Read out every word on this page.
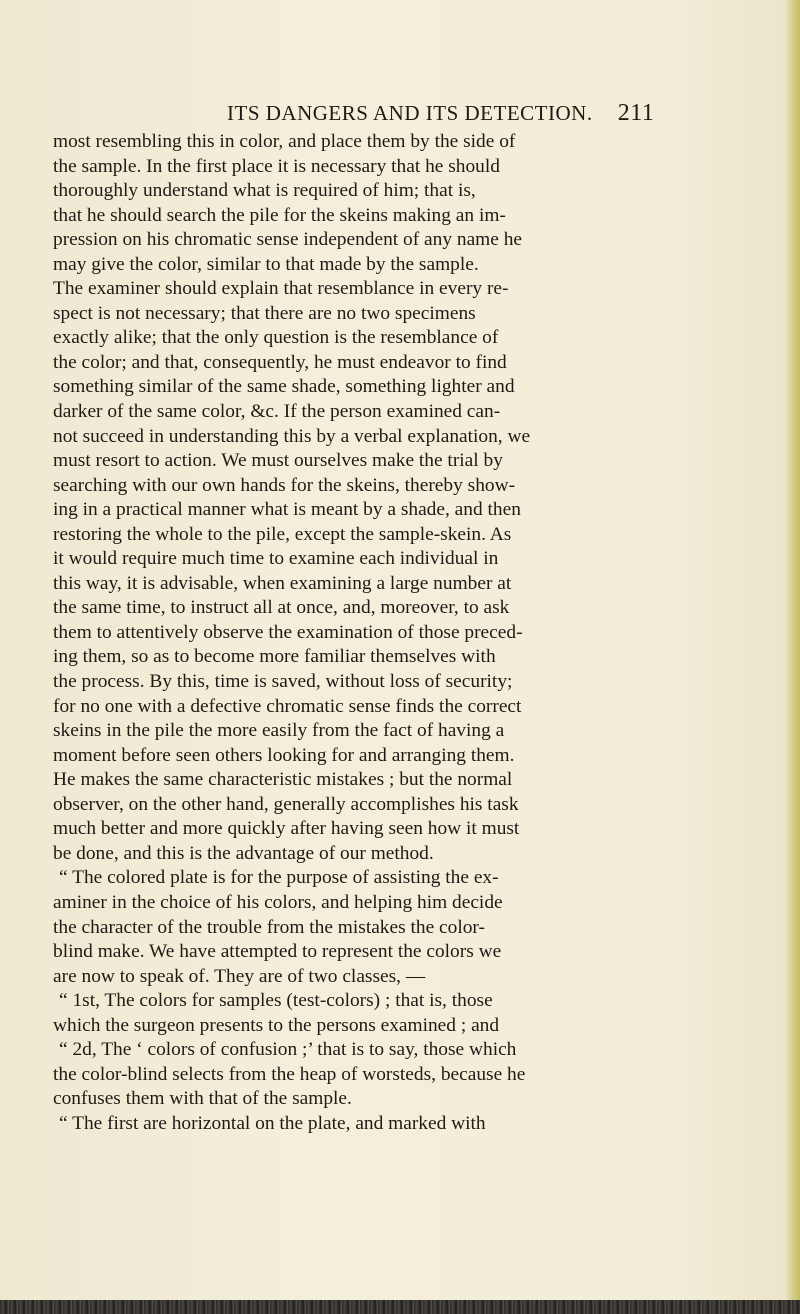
ITS DANGERS AND ITS DETECTION. 211
most resembling this in color, and place them by the side of
the sample. In the first place it is necessary that he should
thoroughly understand what is required of him; that is,
that he should search the pile for the skeins making an im-
pression on his chromatic sense independent of any name he
may give the color, similar to that made by the sample.
The examiner should explain that resemblance in every re-
spect is not necessary; that there are no two specimens
exactly alike; that the only question is the resemblance of
the color; and that, consequently, he must endeavor to find
something similar of the same shade, something lighter and
darker of the same color, &c. If the person examined can-
not succeed in understanding this by a verbal explanation, we
must resort to action. We must ourselves make the trial by
searching with our own hands for the skeins, thereby show-
ing in a practical manner what is meant by a shade, and then
restoring the whole to the pile, except the sample-skein. As
it would require much time to examine each individual in
this way, it is advisable, when examining a large number at
the same time, to instruct all at once, and, moreover, to ask
them to attentively observe the examination of those preced-
ing them, so as to become more familiar themselves with
the process. By this, time is saved, without loss of security;
for no one with a defective chromatic sense finds the correct
skeins in the pile the more easily from the fact of having a
moment before seen others looking for and arranging them.
He makes the same characteristic mistakes ; but the normal
observer, on the other hand, generally accomplishes his task
much better and more quickly after having seen how it must
be done, and this is the advantage of our method.
“ The colored plate is for the purpose of assisting the ex-
aminer in the choice of his colors, and helping him decide
the character of the trouble from the mistakes the color-
blind make. We have attempted to represent the colors we
are now to speak of. They are of two classes, —
“ 1st, The colors for samples (test-colors) ; that is, those
which the surgeon presents to the persons examined ; and
“ 2d, The ‘ colors of confusion ;’ that is to say, those which
the color-blind selects from the heap of worsteds, because he
confuses them with that of the sample.
“ The first are horizontal on the plate, and marked with
